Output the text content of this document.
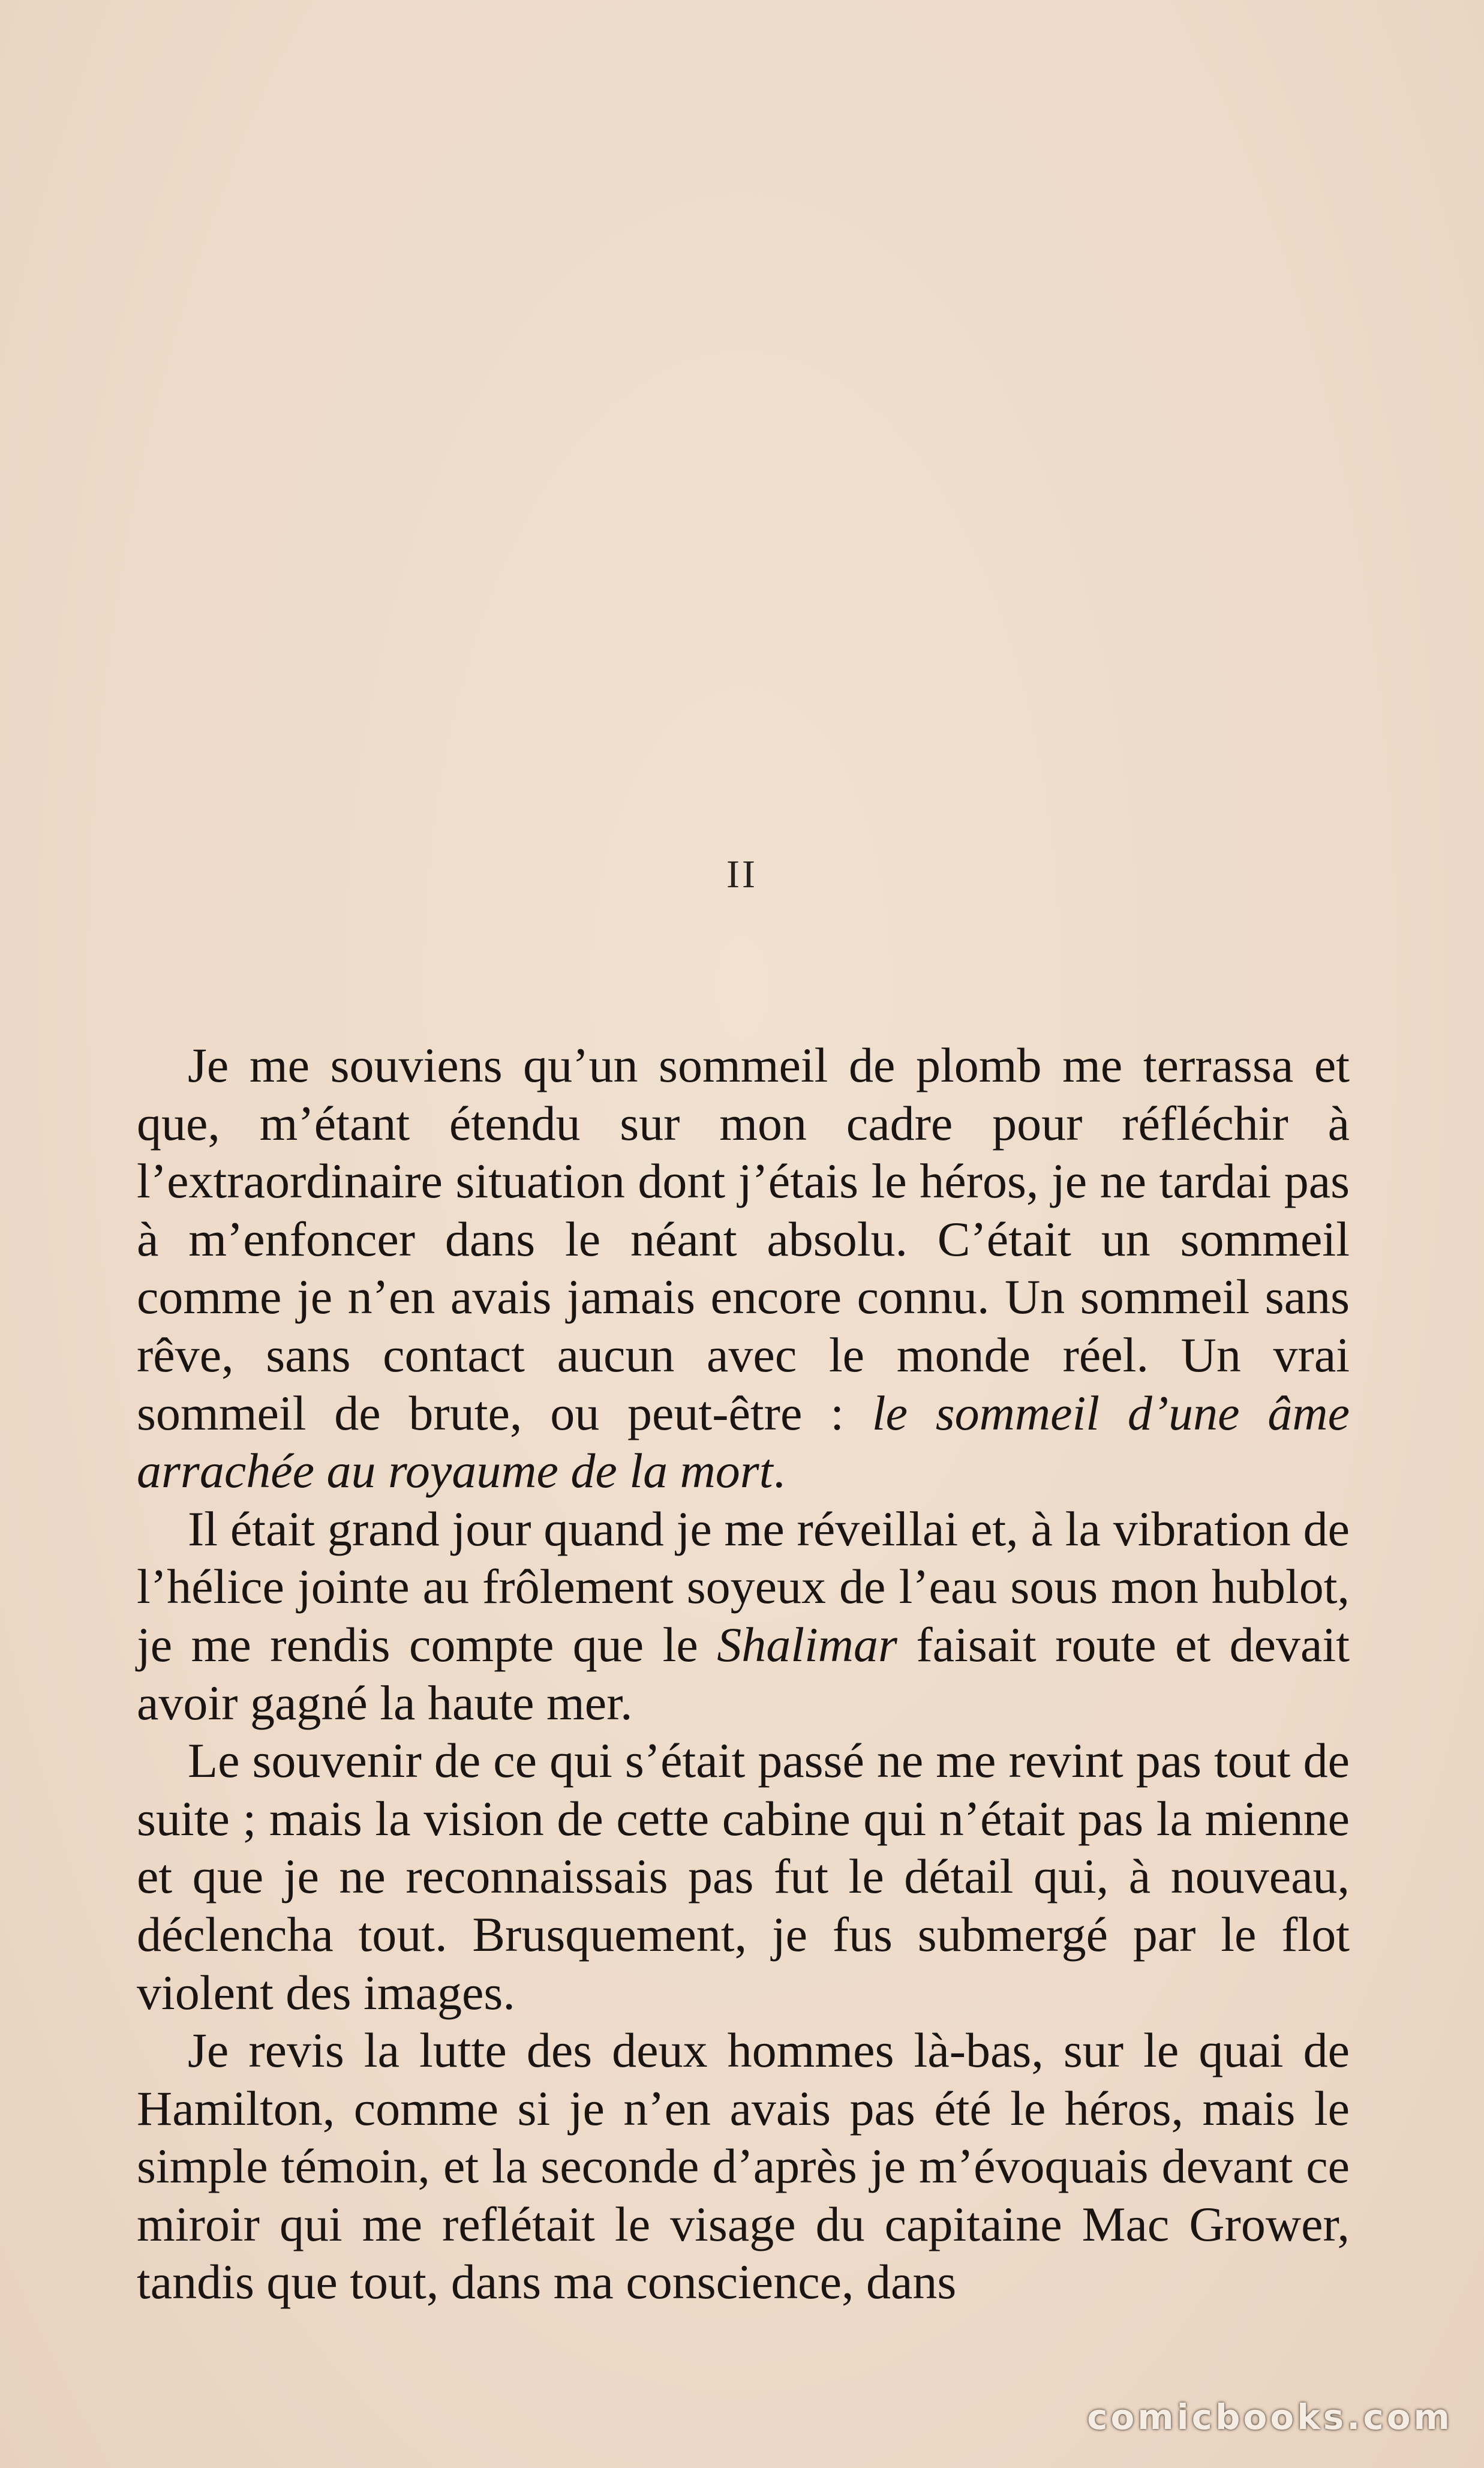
II

Je me souviens qu’un sommeil de plomb me terrassa et que, m’étant étendu sur mon cadre pour réfléchir à l’extraordinaire situation dont j’étais le héros, je ne tardai pas à m’enfoncer dans le néant absolu. C’était un sommeil comme je n’en avais jamais encore connu. Un sommeil sans rêve, sans contact aucun avec le monde réel. Un vrai sommeil de brute, ou peut-être : le sommeil d’une âme arrachée au royaume de la mort.

Il était grand jour quand je me réveillai et, à la vibration de l’hélice jointe au frôlement soyeux de l’eau sous mon hublot, je me rendis compte que le Shalimar faisait route et devait avoir gagné la haute mer.

Le souvenir de ce qui s’était passé ne me revint pas tout de suite ; mais la vision de cette cabine qui n’était pas la mienne et que je ne reconnaissais pas fut le détail qui, à nouveau, déclencha tout. Brusquement, je fus submergé par le flot violent des images.

Je revis la lutte des deux hommes là-bas, sur le quai de Hamilton, comme si je n’en avais pas été le héros, mais le simple témoin, et la seconde d’après je m’évoquais devant ce miroir qui me reflétait le visage du capitaine Mac Grower, tandis que tout, dans ma conscience, dans

comicbooks.com
